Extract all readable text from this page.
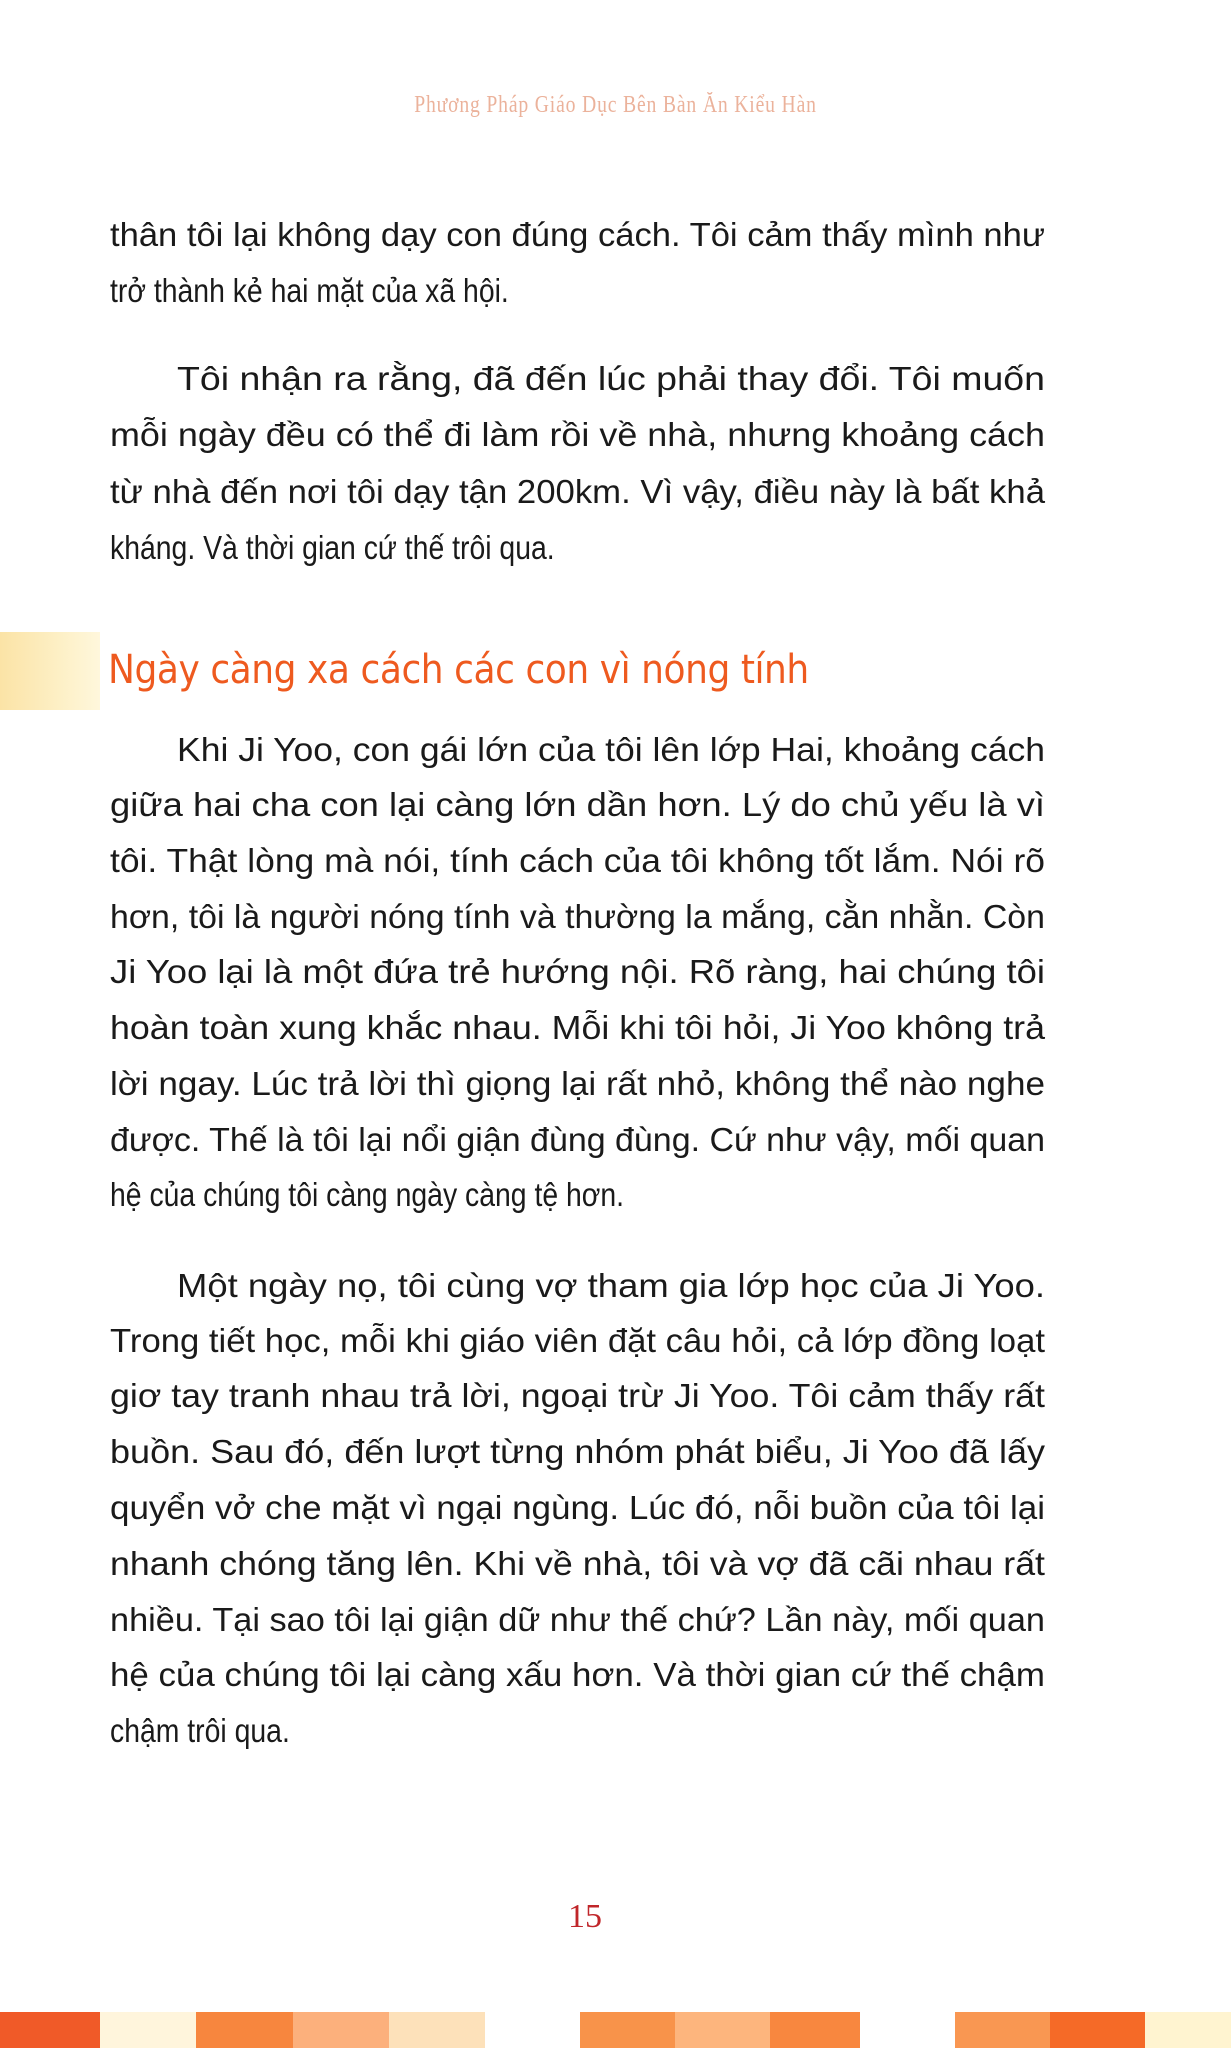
Phương Pháp Giáo Dục Bên Bàn Ăn Kiểu Hàn
thân tôi lại không dạy con đúng cách. Tôi cảm thấy mình như
trở thành kẻ hai mặt của xã hội.
Tôi nhận ra rằng, đã đến lúc phải thay đổi. Tôi muốn
mỗi ngày đều có thể đi làm rồi về nhà, nhưng khoảng cách
từ nhà đến nơi tôi dạy tận 200km. Vì vậy, điều này là bất khả
kháng. Và thời gian cứ thế trôi qua.
Khi Ji Yoo, con gái lớn của tôi lên lớp Hai, khoảng cách
giữa hai cha con lại càng lớn dần hơn. Lý do chủ yếu là vì
tôi. Thật lòng mà nói, tính cách của tôi không tốt lắm. Nói rõ
hơn, tôi là người nóng tính và thường la mắng, cằn nhằn. Còn
Ji Yoo lại là một đứa trẻ hướng nội. Rõ ràng, hai chúng tôi
hoàn toàn xung khắc nhau. Mỗi khi tôi hỏi, Ji Yoo không trả
lời ngay. Lúc trả lời thì giọng lại rất nhỏ, không thể nào nghe
được. Thế là tôi lại nổi giận đùng đùng. Cứ như vậy, mối quan
hệ của chúng tôi càng ngày càng tệ hơn.
Một ngày nọ, tôi cùng vợ tham gia lớp học của Ji Yoo.
Trong tiết học, mỗi khi giáo viên đặt câu hỏi, cả lớp đồng loạt
giơ tay tranh nhau trả lời, ngoại trừ Ji Yoo. Tôi cảm thấy rất
buồn. Sau đó, đến lượt từng nhóm phát biểu, Ji Yoo đã lấy
quyển vở che mặt vì ngại ngùng. Lúc đó, nỗi buồn của tôi lại
nhanh chóng tăng lên. Khi về nhà, tôi và vợ đã cãi nhau rất
nhiều. Tại sao tôi lại giận dữ như thế chứ? Lần này, mối quan
hệ của chúng tôi lại càng xấu hơn. Và thời gian cứ thế chậm
chậm trôi qua.
Ngày càng xa cách các con vì nóng tính
15
